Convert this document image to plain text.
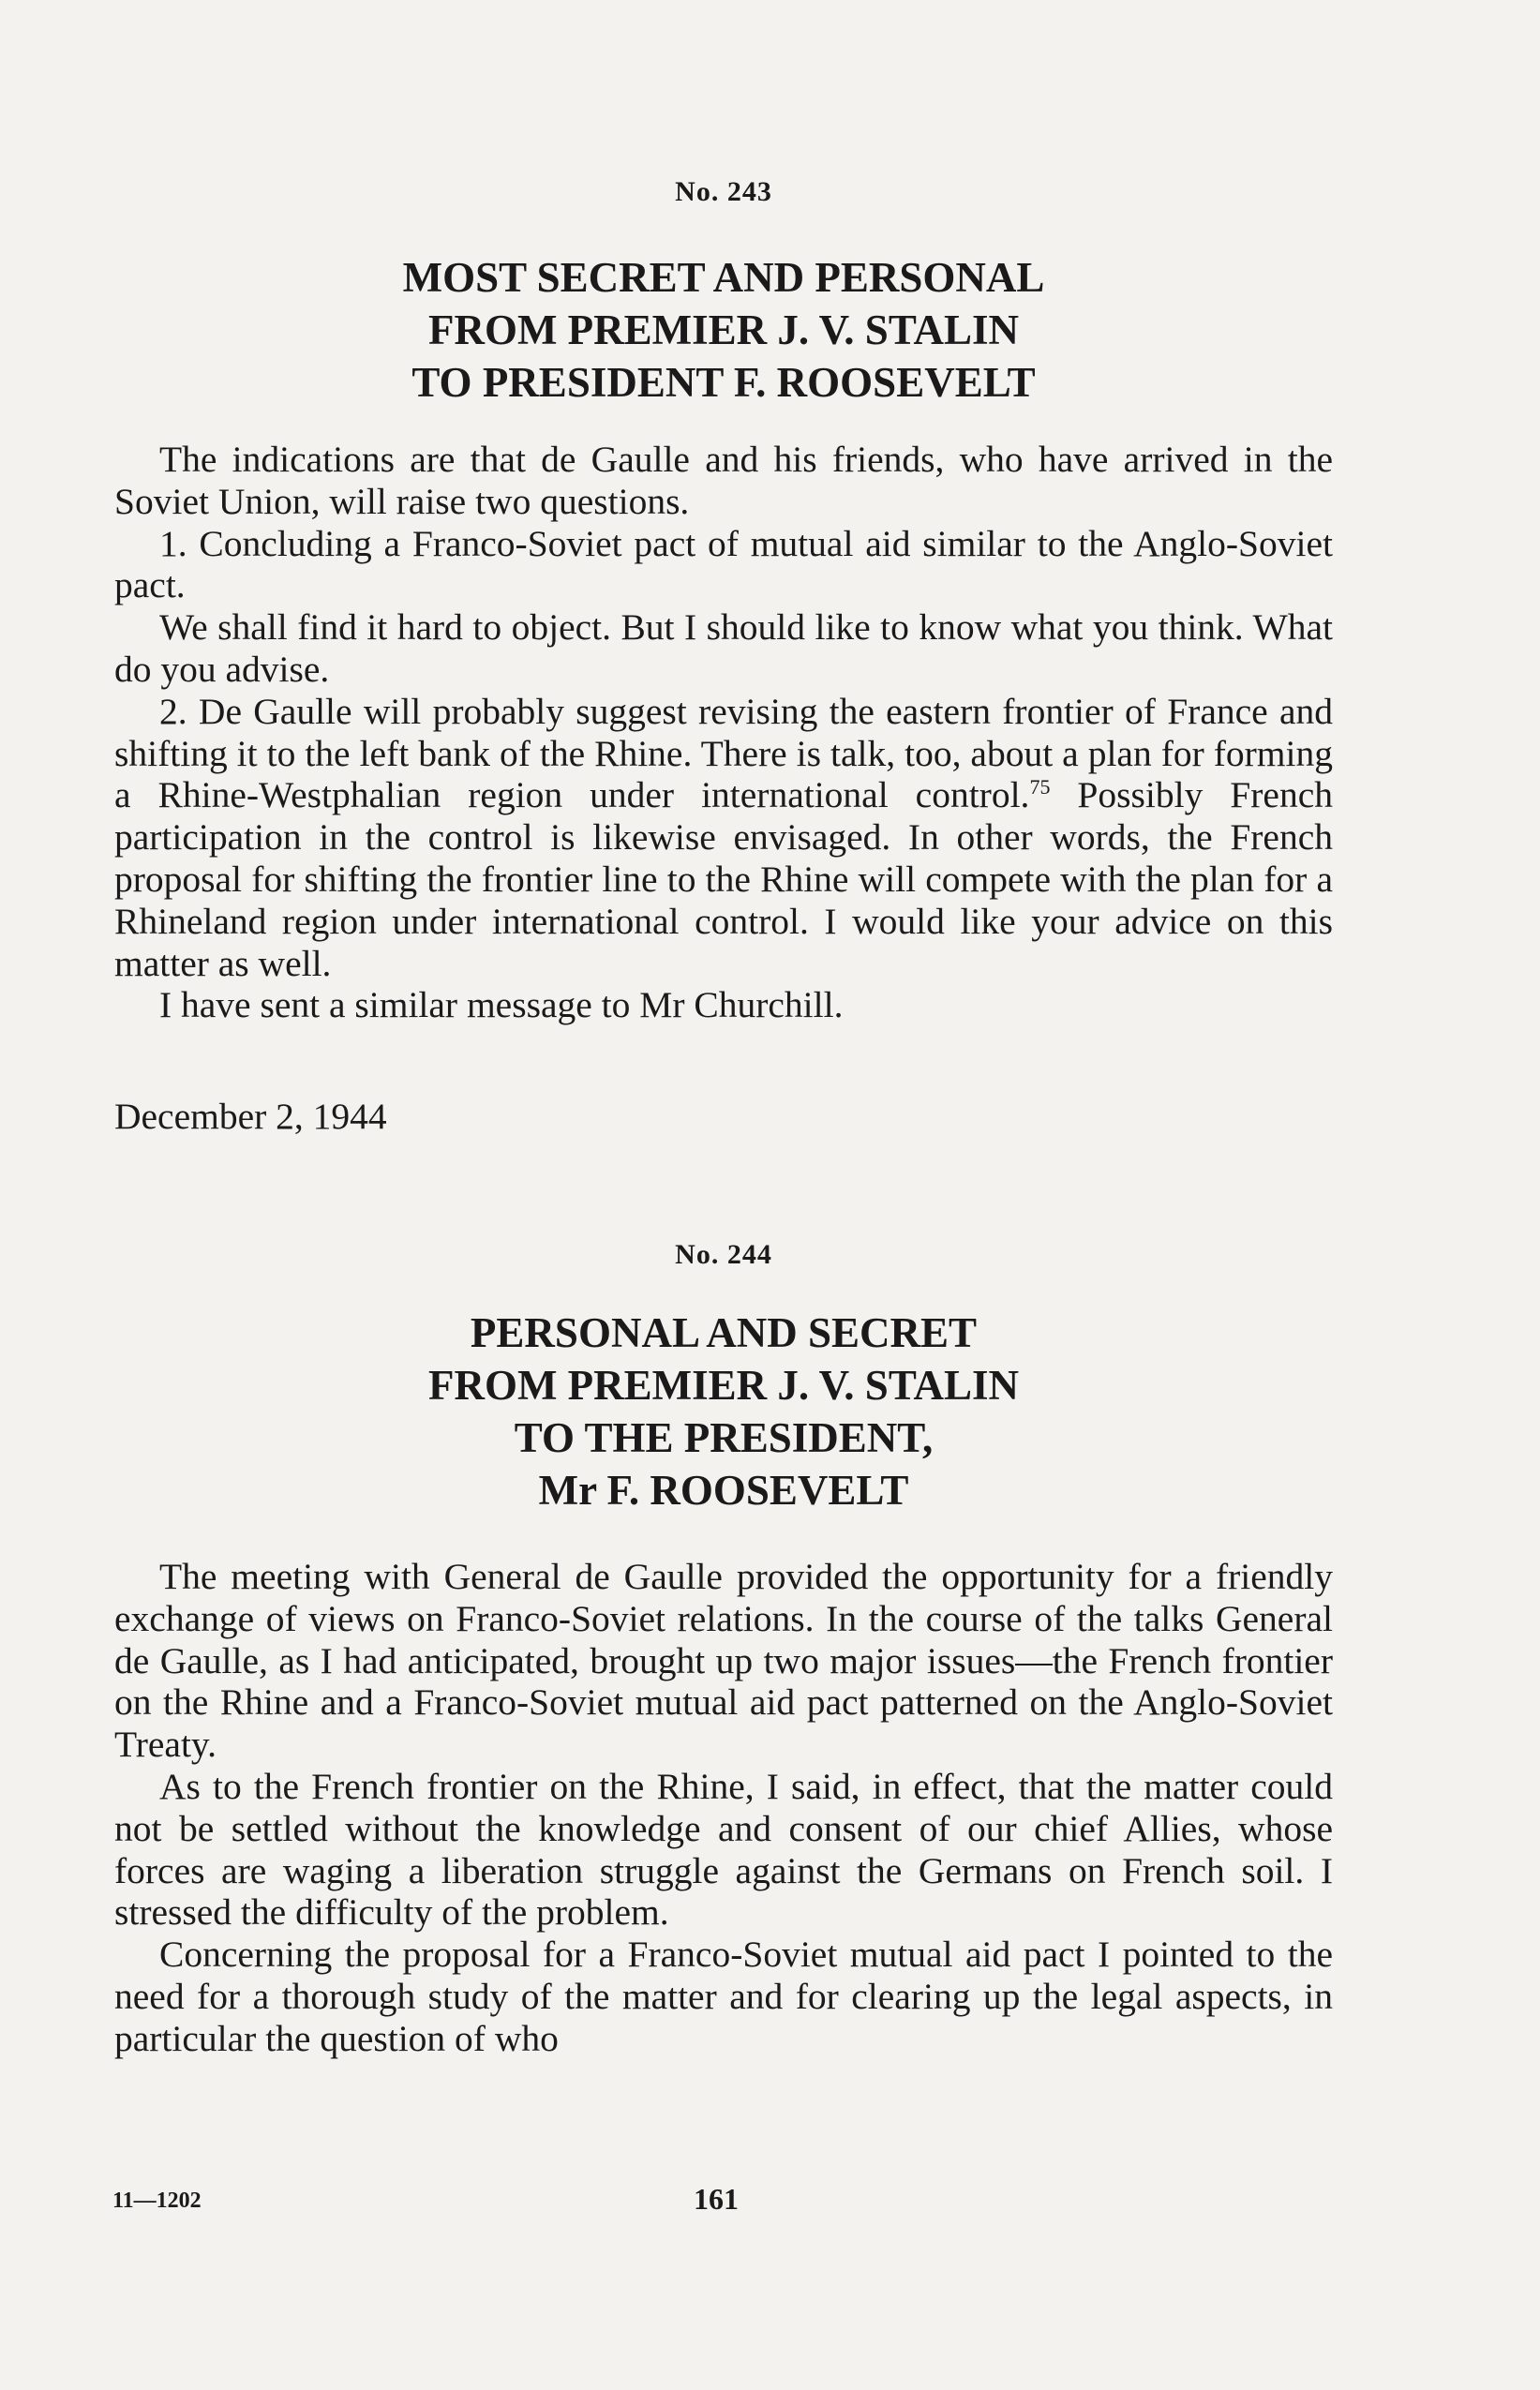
No. 243
MOST SECRET AND PERSONAL
FROM PREMIER J. V. STALIN
TO PRESIDENT F. ROOSEVELT

The indications are that de Gaulle and his friends, who have arrived in the Soviet Union, will raise two questions.

1. Concluding a Franco-Soviet pact of mutual aid similar to the Anglo-Soviet pact.

We shall find it hard to object. But I should like to know what you think. What do you advise.

2. De Gaulle will probably suggest revising the eastern frontier of France and shifting it to the left bank of the Rhine. There is talk, too, about a plan for forming a Rhine-Westphalian region under international control.$^{75}$ Possibly French participation in the control is likewise envisaged. In other words, the French proposal for shifting the frontier line to the Rhine will compete with the plan for a Rhineland region under international control. I would like your advice on this matter as well.

I have sent a similar message to Mr Churchill.

December 2, 1944
No. 244
PERSONAL AND SECRET
FROM PREMIER J. V. STALIN
TO THE PRESIDENT,
Mr F. ROOSEVELT

The meeting with General de Gaulle provided the opportunity for a friendly exchange of views on Franco-Soviet relations. In the course of the talks General de Gaulle, as I had anticipated, brought up two major issues—the French frontier on the Rhine and a Franco-Soviet mutual aid pact patterned on the Anglo-Soviet Treaty.

As to the French frontier on the Rhine, I said, in effect, that the matter could not be settled without the knowledge and consent of our chief Allies, whose forces are waging a liberation struggle against the Germans on French soil. I stressed the difficulty of the problem.

Concerning the proposal for a Franco-Soviet mutual aid pact I pointed to the need for a thorough study of the matter and for clearing up the legal aspects, in particular the question of who

11—1202	161
